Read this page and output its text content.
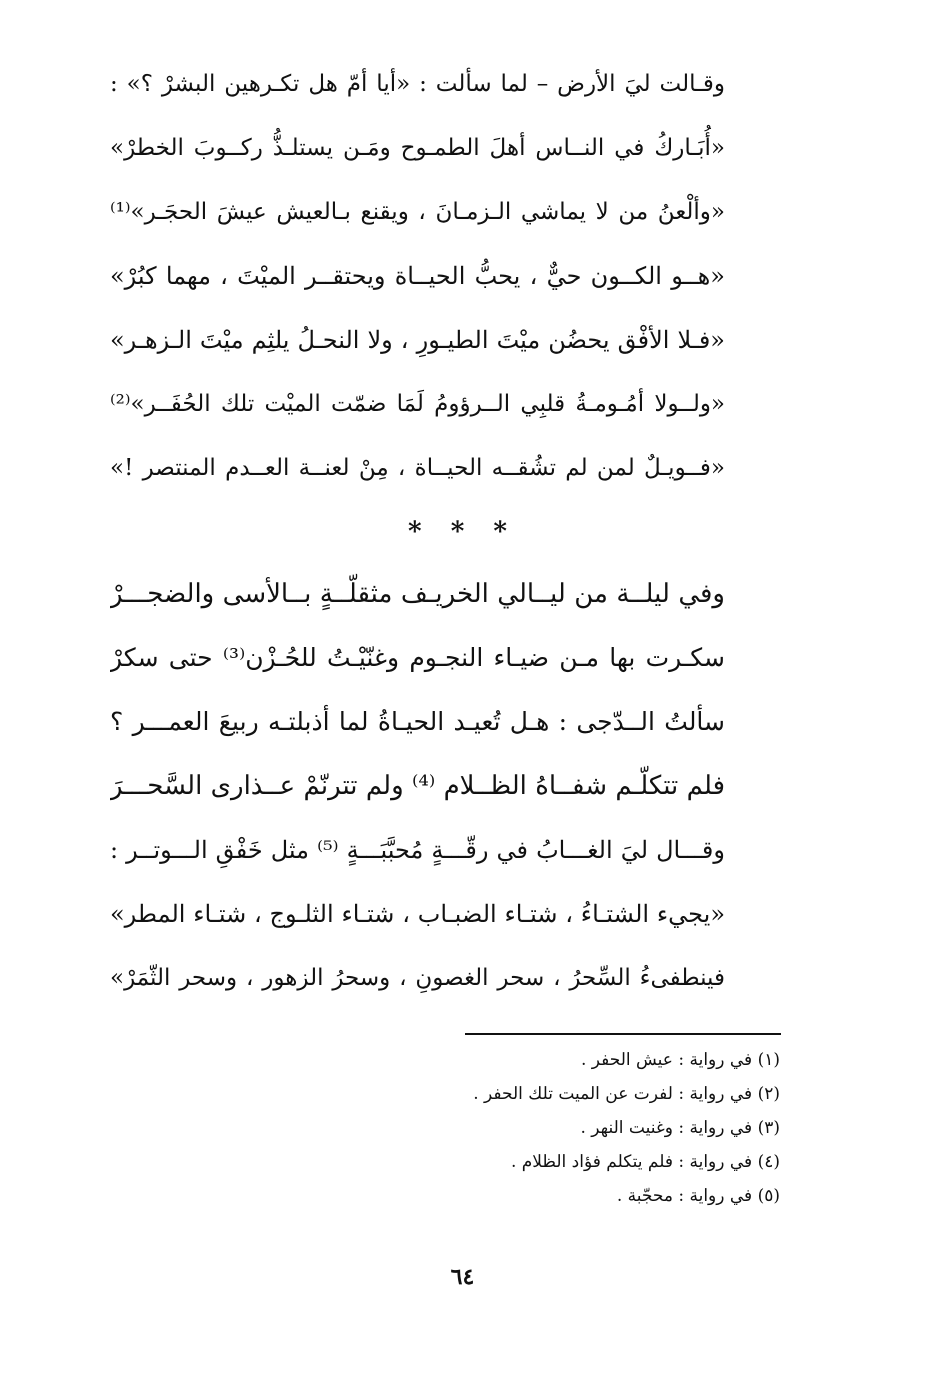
وقـالت ليَ الأرض – لما سألت : «أيا أمّ هل تكـرهين البشرْ ؟» :
«أُبَـاركُ في النــاس أهلَ الطمـوح ومَـن يستلـذُّ ركــوبَ الخطرْ»
«وألْعنُ من لا يماشي الـزمـانَ ، ويقنع بـالعيش عيشَ الحجَـر»⁽¹⁾
«هــو الكــون حيٌّ ، يحبُّ الحيــاة ويحتقــر الميْتَ ، مهما كبُرْ»
«فـلا الأفْق يحضُن ميْتَ الطيـورِ ، ولا النحـلُ يلثِم ميْتَ الـزهـر»
«ولــولا أمُـومـةُ قلبِي الــرؤومُ لَمَا ضمّت الميْت تلك الحُفَــر»⁽²⁾
«فــويـلٌ لمن لم تشُقــه الحيــاة ، مِنْ لعنــة العــدم المنتصر !»
* * *
وفي ليلــة من ليــالي الخريـف مثقلّــةٍ بــالأسى والضجـــرْ
سكـرت بها مـن ضيـاء النجـوم وغنّيْـتُ للحُـزْن⁽³⁾ حتى سكرْ
سألتُ الــدّجى : هـل تُعيـد الحيـاةُ لما أذبلتـه ربيعَ العمـــر ؟
فلم تتكلّـم شفــاهُ الظــلام ⁽⁴⁾ ولم تترنّمْ عــذارى السَّحـــرَ
وقـــال ليَ الغـــابُ في رقّـــةٍ مُحبَّبَـــةٍ ⁽⁵⁾ مثل خَفْقِ الـــوتــر :
«يجيء الشتـاءُ ، شتـاء الضبـاب ، شتـاء الثلـوج ، شتـاء المطر»
فينطفىءُ السِّحرُ ، سحر الغصونِ ، وسحرُ الزهور ، وسحر الثّمَرْ»
(١) في رواية : عيش الحفر .
(٢) في رواية : لفرت عن الميت تلك الحفر .
(٣) في رواية : وغنيت النهر .
(٤) في رواية : فلم يتكلم فؤاد الظلام .
(٥) في رواية : محجّبة .
٦٤
